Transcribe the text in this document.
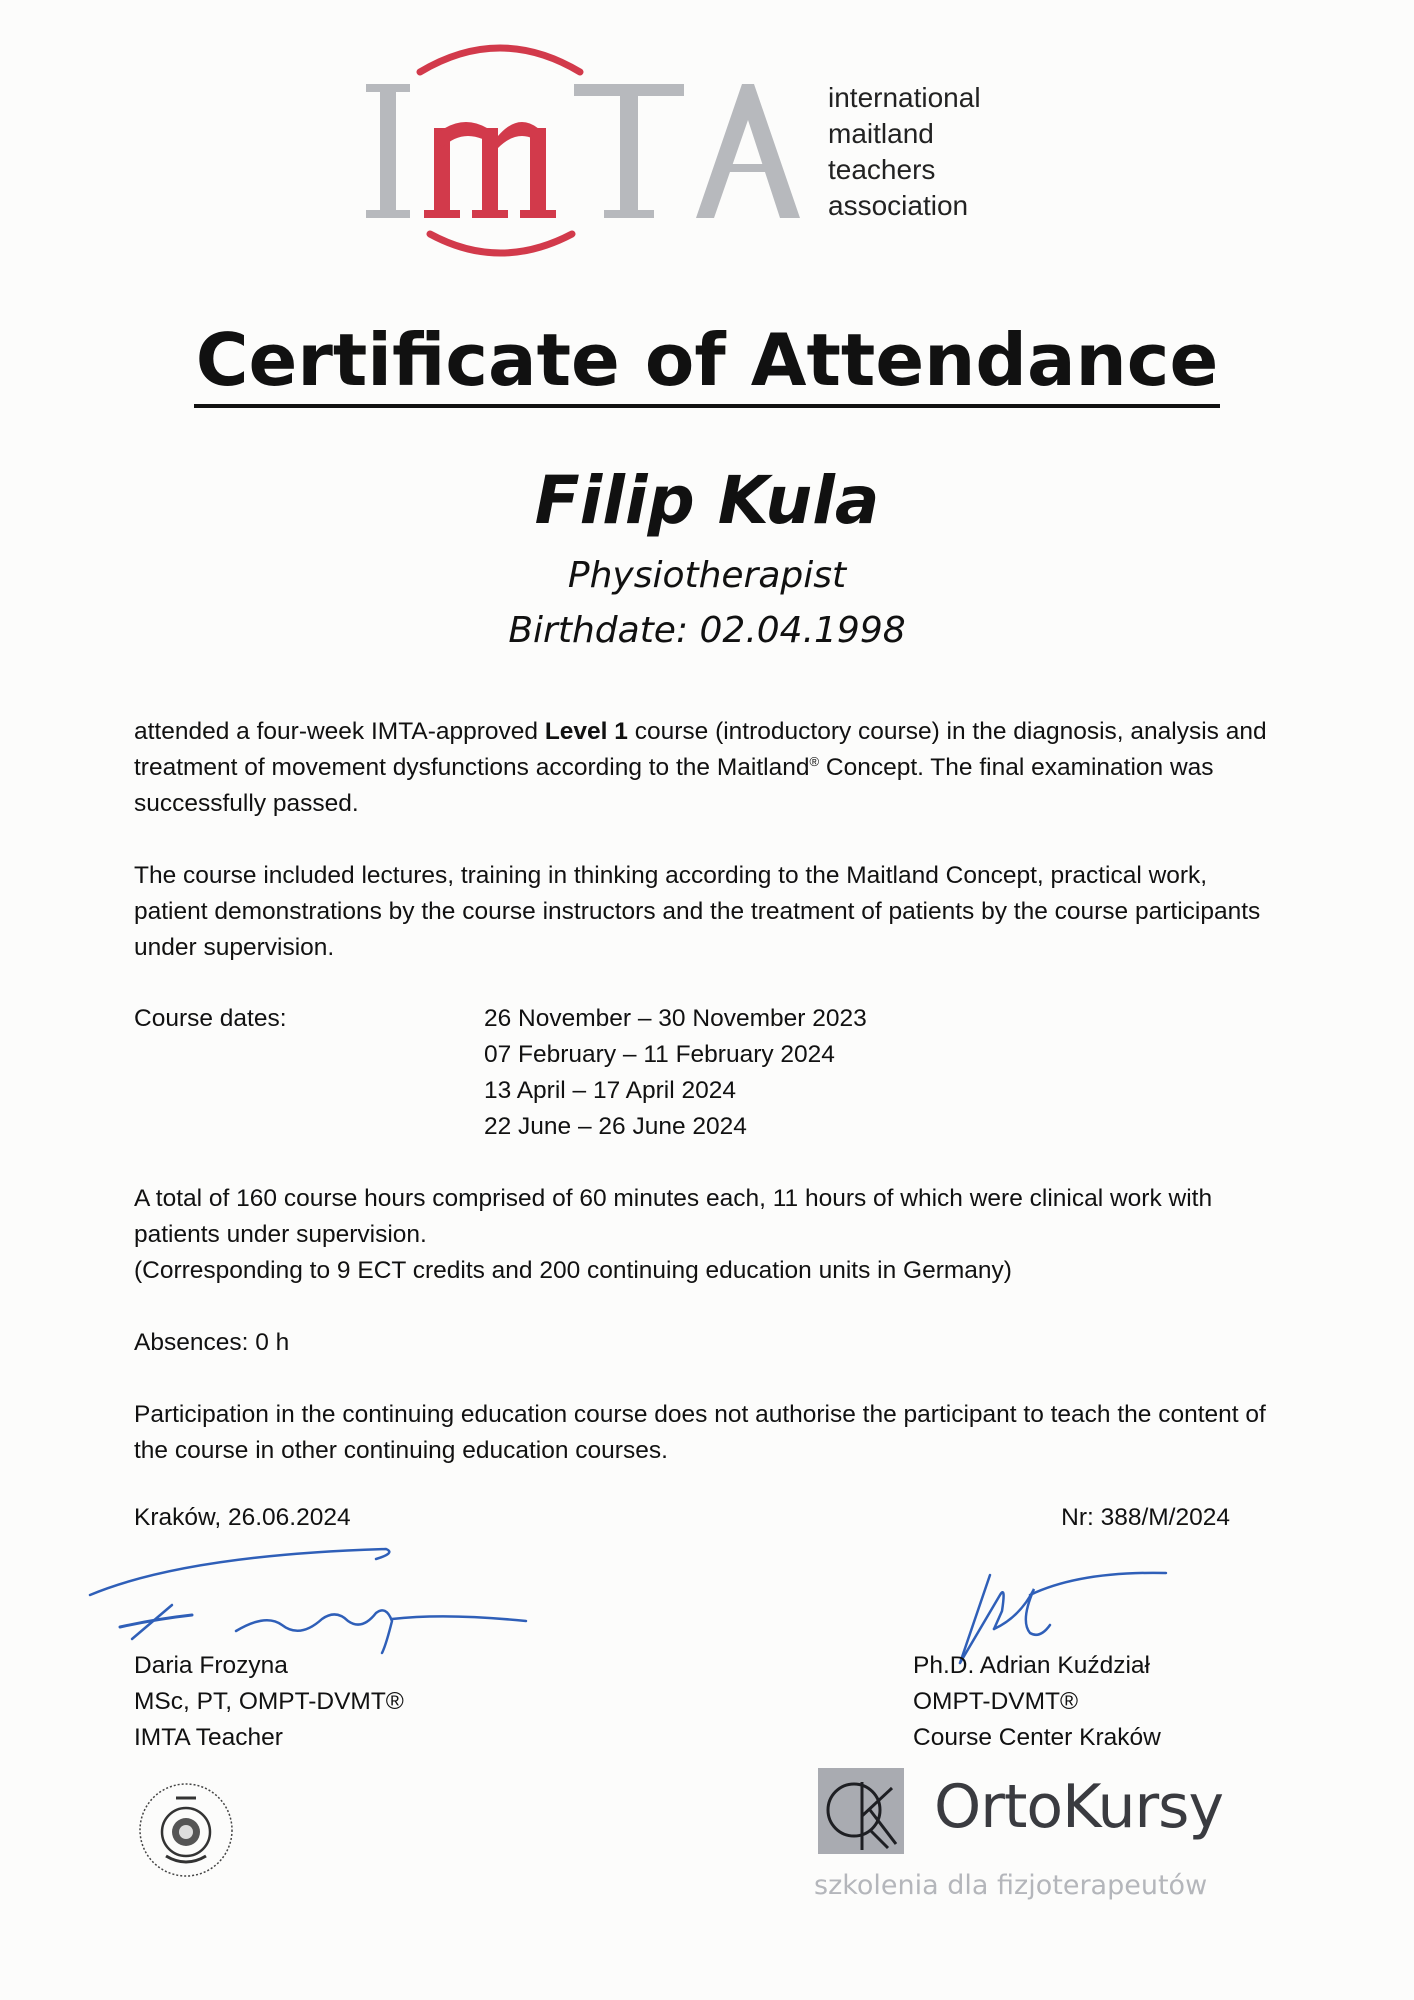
international
maitland
teachers
association
Certificate of Attendance
Filip Kula
Physiotherapist
Birthdate: 02.04.1998
attended a four-week IMTA-approved Level 1 course (introductory course) in the diagnosis, analysis and treatment of movement dysfunctions according to the Maitland® Concept. The final examination was successfully passed.
The course included lectures, training in thinking according to the Maitland Concept, practical work, patient demonstrations by the course instructors and the treatment of patients by the course participants under supervision.
Course dates:	26 November – 30 November 2023
07 February – 11 February 2024
13 April – 17 April 2024
22 June – 26 June 2024
A total of 160 course hours comprised of 60 minutes each, 11 hours of which were clinical work with patients under supervision.
(Corresponding to 9 ECT credits and 200 continuing education units in Germany)
Absences: 0 h
Participation in the continuing education course does not authorise the participant to teach the content of the course in other continuing education courses.
Kraków, 26.06.2024	Nr: 388/M/2024
Daria Frozyna
MSc, PT, OMPT-DVMT®
IMTA Teacher
Ph.D. Adrian Kuździał
OMPT-DVMT®
Course Center Kraków
OrtoKursy
szkolenia dla fizjoterapeutów
